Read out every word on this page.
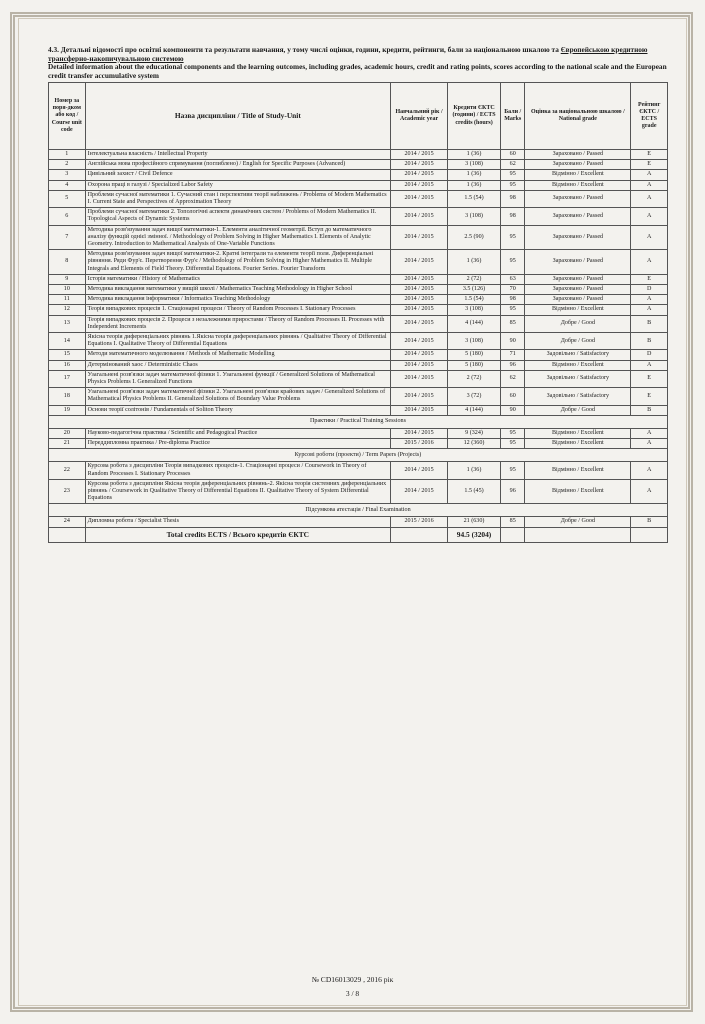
4.3. Детальні відомості про освітні компоненти та результати навчання, у тому числі оцінки, години, кредити, рейтинги, бали за національною шкалою та Європейською кредитною трансферно-накопичувальною системою
Detailed information about the educational components and the learning outcomes, including grades, academic hours, credit and rating points, scores according to the national scale and the European credit transfer accumulative system
Номер за поря-дком або код / Course unit code	Назва дисципліни / Title of Study-Unit	Навчальний рік / Academic year	Кредити ЄКТС (години) / ECTS credits (hours)	Бали / Marks	Оцінка за національною шкалою / National grade	Рейтинг ЄКТС / ECTS grade
1	Інтелектуальна власність / Intellectual Property	2014 / 2015	1 (36)	60	Зараховано / Passed	E
2	Англійська мова професійного спрямування (поглиблено) / English for Specific Purposes (Advanced)	2014 / 2015	3 (108)	62	Зараховано / Passed	E
3	Цивільний захист / Civil Defence	2014 / 2015	1 (36)	95	Відмінно / Excellent	A
4	Охорона праці в галузі / Specialized Labor Safety	2014 / 2015	1 (36)	95	Відмінно / Excellent	A
5	Проблеми сучасної математики 1. Сучасний стан і перспективи теорії наближень / Problems of Modern Mathematics I. Current State and Perspectives of Approximation Theory	2014 / 2015	1.5 (54)	98	Зараховано / Passed	A
6	Проблеми сучасної математики 2. Топологічні аспекти динамічних систем / Problems of Modern Mathematics II. Topological Aspects of Dynamic Systems	2014 / 2015	3 (108)	98	Зараховано / Passed	A
7	Методика розв'язування задач вищої математики-1. Елементи аналітичної геометрії. Вступ до математичного аналізу функцій однієї змінної. / Methodology of Problem Solving in Higher Mathematics I. Elements of Analytic Geometry. Introduction to Mathematical Analysis of One-Variable Functions	2014 / 2015	2.5 (90)	95	Зараховано / Passed	A
8	Методика розв'язування задач вищої математики-2. Кратні інтеграли та елементи теорії поля. Диференціальні рівняння. Ряди Фур'є. Перетворення Фур'є / Methodology of Problem Solving in Higher Mathematics II. Multiple Integrals and Elements of Field Theory. Differential Equations. Fourier Series. Fourier Transform	2014 / 2015	1 (36)	95	Зараховано / Passed	A
9	Історія математики / History of Mathematics	2014 / 2015	2 (72)	63	Зараховано / Passed	E
10	Методика викладання математики у вищій школі / Mathematics Teaching Methodology in Higher School	2014 / 2015	3.5 (126)	70	Зараховано / Passed	D
11	Методика викладання інформатики / Informatics Teaching Methodology	2014 / 2015	1.5 (54)	98	Зараховано / Passed	A
12	Теорія випадкових процесів 1. Стаціонарні процеси / Theory of Random Processes I. Stationary Processes	2014 / 2015	3 (108)	95	Відмінно / Excellent	A
13	Теорія випадкових процесів 2. Процеси з незалежними приростами / Theory of Random Processes II. Processes with Independent Increments	2014 / 2015	4 (144)	85	Добре / Good	B
14	Якісна теорія диференціальних рівнянь 1.Якісна теорія диференціальних рівнянь / Qualitative Theory of Differential Equations I. Qualitative Theory of Differential Equations	2014 / 2015	3 (108)	90	Добре / Good	B
15	Методи математичного моделювання / Methods of Mathematic Modelling	2014 / 2015	5 (180)	71	Задовільно / Satisfactory	D
16	Детермінований хаос / Deterministic Chaos	2014 / 2015	5 (180)	96	Відмінно / Excellent	A
17	Узагальнені розв'язки задач математичної фізики 1. Узагальнені функції / Generalized Solutions of Mathematical Physics Problems I. Generalized Functions	2014 / 2015	2 (72)	62	Задовільно / Satisfactory	E
18	Узагальнені розв'язки задач математичної фізики 2. Узагальнені розв'язки крайових задач / Generalized Solutions of Mathematical Physics Problems II. Generalized Solutions of Boundary Value Problems	2014 / 2015	3 (72)	60	Задовільно / Satisfactory	E
19	Основи теорії солітонів / Fundamentals of Soliton Theory	2014 / 2015	4 (144)	90	Добре / Good	B
Практики / Practical Training Sessions						
20	Науково-педагогічна практика / Scientific and Pedagogical Practice	2014 / 2015	9 (324)	95	Відмінно / Excellent	A
21	Переддипломна практика / Pre-diploma Practice	2015 / 2016	12 (360)	95	Відмінно / Excellent	A
Курсові роботи (проекти) / Term Papers (Projects)						
22	Курсова робота з дисципліни Теорія випадкових процесів-1. Стаціонарні процеси / Coursework in Theory of Random Processes I. Stationary Processes	2014 / 2015	1 (36)	95	Відмінно / Excellent	A
23	Курсова робота з дисципліни Якісна теорія диференціальних рівнянь-2. Якісна теорія системних диференціальних рівнянь / Coursework in Qualitative Theory of Differential Equations II. Qualitative Theory of System Differential Equations	2014 / 2015	1.5 (45)	96	Відмінно / Excellent	A
Підсумкова атестація / Final Examination						
24	Дипломна робота / Specialist Thesis	2015 / 2016	21 (630)	85	Добре / Good	B
	Total credits ECTS / Всього кредитів ЄКТС		94.5 (3204)			
№ CD16013029 , 2016 рік
3 / 8
